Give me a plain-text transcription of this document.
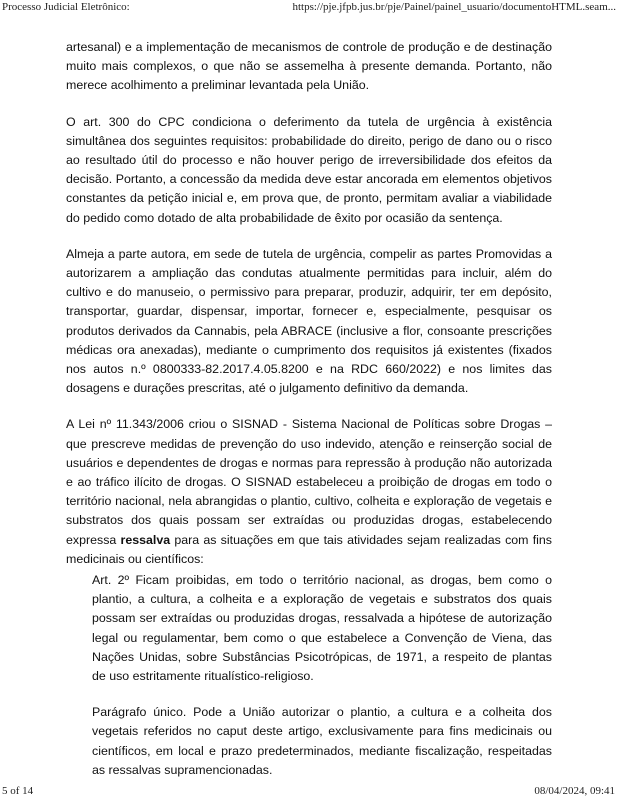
Processo Judicial Eletrônico:	https://pje.jfpb.jus.br/pje/Painel/painel_usuario/documentoHTML.seam...

artesanal) e a implementação de mecanismos de controle de produção e de destinação muito mais complexos, o que não se assemelha à presente demanda. Portanto, não merece acolhimento a preliminar levantada pela União.

O art. 300 do CPC condiciona o deferimento da tutela de urgência à existência simultânea dos seguintes requisitos: probabilidade do direito, perigo de dano ou o risco ao resultado útil do processo e não houver perigo de irreversibilidade dos efeitos da decisão. Portanto, a concessão da medida deve estar ancorada em elementos objetivos constantes da petição inicial e, em prova que, de pronto, permitam avaliar a viabilidade do pedido como dotado de alta probabilidade de êxito por ocasião da sentença.

Almeja a parte autora, em sede de tutela de urgência, compelir as partes Promovidas a autorizarem a ampliação das condutas atualmente permitidas para incluir, além do cultivo e do manuseio, o permissivo para preparar, produzir, adquirir, ter em depósito, transportar, guardar, dispensar, importar, fornecer e, especialmente, pesquisar os produtos derivados da Cannabis, pela ABRACE (inclusive a flor, consoante prescrições médicas ora anexadas), mediante o cumprimento dos requisitos já existentes (fixados nos autos n.º 0800333-82.2017.4.05.8200 e na RDC 660/2022) e nos limites das dosagens e durações prescritas, até o julgamento definitivo da demanda.

A Lei nº 11.343/2006 criou o SISNAD - Sistema Nacional de Políticas sobre Drogas – que prescreve medidas de prevenção do uso indevido, atenção e reinserção social de usuários e dependentes de drogas e normas para repressão à produção não autorizada e ao tráfico ilícito de drogas. O SISNAD estabeleceu a proibição de drogas em todo o território nacional, nela abrangidas o plantio, cultivo, colheita e exploração de vegetais e substratos dos quais possam ser extraídas ou produzidas drogas, estabelecendo expressa ressalva para as situações em que tais atividades sejam realizadas com fins medicinais ou científicos:

Art. 2º Ficam proibidas, em todo o território nacional, as drogas, bem como o plantio, a cultura, a colheita e a exploração de vegetais e substratos dos quais possam ser extraídas ou produzidas drogas, ressalvada a hipótese de autorização legal ou regulamentar, bem como o que estabelece a Convenção de Viena, das Nações Unidas, sobre Substâncias Psicotrópicas, de 1971, a respeito de plantas de uso estritamente ritualístico-religioso.

Parágrafo único. Pode a União autorizar o plantio, a cultura e a colheita dos vegetais referidos no caput deste artigo, exclusivamente para fins medicinais ou científicos, em local e prazo predeterminados, mediante fiscalização, respeitadas as ressalvas supramencionadas.

5 of 14	08/04/2024, 09:41
